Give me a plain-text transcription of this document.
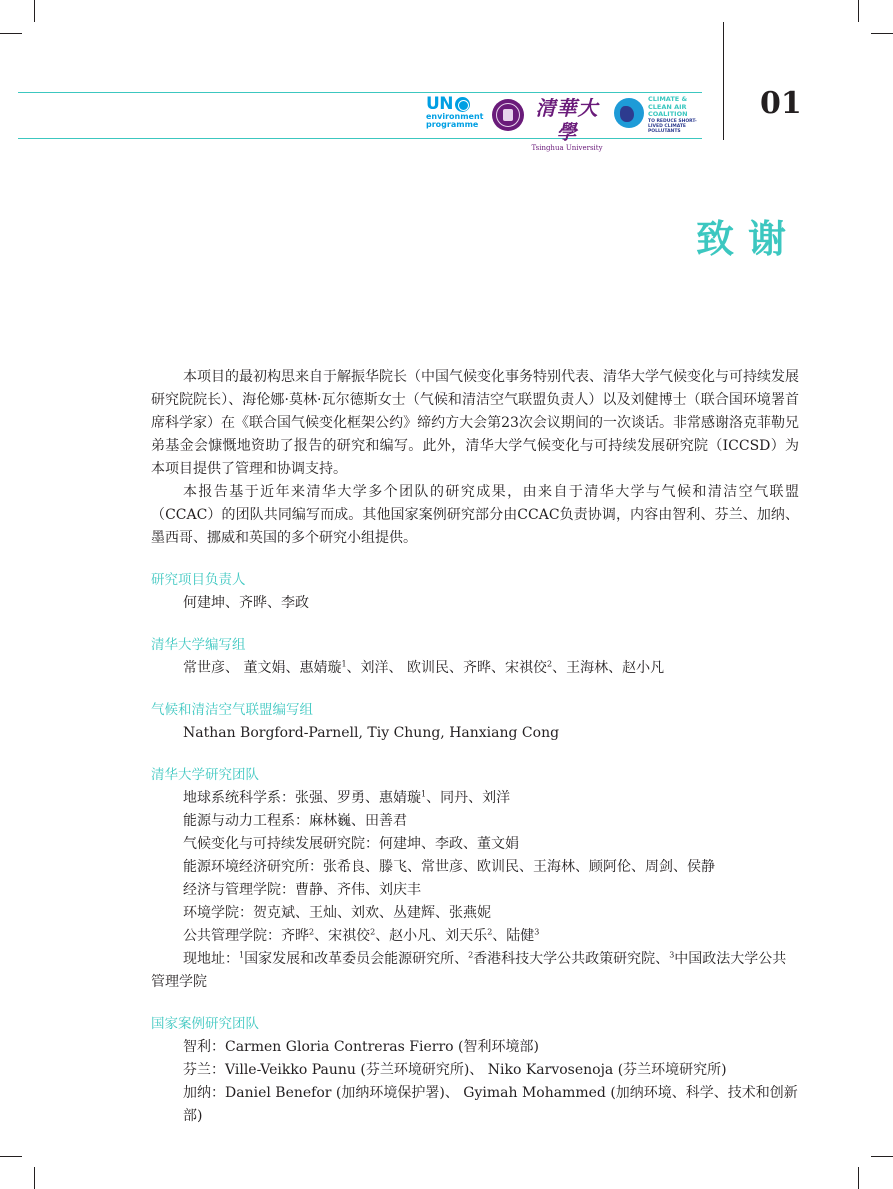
01
UN
environment
programme
清華大學
Tsinghua University
CLIMATE &
CLEAN AIR
COALITION
TO REDUCE SHORT-LIVED CLIMATE POLLUTANTS
致谢

本项目的最初构思来自于解振华院长（中国气候变化事务特别代表、清华大学气候变化与可持续发展研究院院长）、海伦娜·莫林·瓦尔德斯女士（气候和清洁空气联盟负责人）以及刘健博士（联合国环境署首席科学家）在《联合国气候变化框架公约》缔约方大会第23次会议期间的一次谈话。非常感谢洛克菲勒兄弟基金会慷慨地资助了报告的研究和编写。此外，清华大学气候变化与可持续发展研究院（ICCSD）为本项目提供了管理和协调支持。

本报告基于近年来清华大学多个团队的研究成果，由来自于清华大学与气候和清洁空气联盟（CCAC）的团队共同编写而成。其他国家案例研究部分由CCAC负责协调，内容由智利、芬兰、加纳、墨西哥、挪威和英国的多个研究小组提供。

研究项目负责人
何建坤、齐晔、李政
清华大学编写组
常世彦、 董文娟、惠婧璇$^1$、刘洋、 欧训民、齐晔、宋祺佼$^2$、王海林、赵小凡
气候和清洁空气联盟编写组
Nathan Borgford-Parnell, Tiy Chung, Hanxiang Cong
清华大学研究团队
地球系统科学系：张强、罗勇、惠婧璇$^1$、同丹、刘洋
能源与动力工程系：麻林巍、田善君
气候变化与可持续发展研究院：何建坤、李政、董文娟
能源环境经济研究所：张希良、滕飞、常世彦、欧训民、王海林、顾阿伦、周剑、侯静
经济与管理学院：曹静、齐伟、刘庆丰
环境学院：贺克斌、王灿、刘欢、丛建辉、张燕妮
公共管理学院：齐晔$^2$、宋祺佼$^2$、赵小凡、刘天乐$^2$、陆健$^3$
现地址：$^1$国家发展和改革委员会能源研究所、$^2$香港科技大学公共政策研究院、$^3$中国政法大学公共管理学院
国家案例研究团队
智利：Carmen Gloria Contreras Fierro (智利环境部)
芬兰：Ville-Veikko Paunu (芬兰环境研究所)、 Niko Karvosenoja (芬兰环境研究所)
加纳：Daniel Benefor (加纳环境保护署)、 Gyimah Mohammed (加纳环境、科学、技术和创新部)
